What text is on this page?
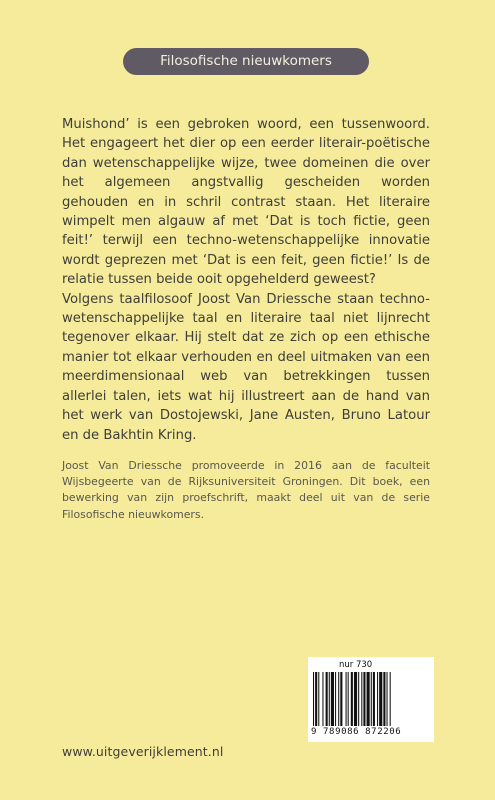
Filosofische nieuwkomers

Muishond’ is een gebroken woord, een tussenwoord. Het engageert het dier op een eerder literair-poëtische dan wetenschappelijke wijze, twee domeinen die over het algemeen angstvallig gescheiden worden gehouden en in schril contrast staan. Het literaire wimpelt men algauw af met ‘Dat is toch fictie, geen feit!’ terwijl een techno-wetenschappelijke innovatie wordt geprezen met ‘Dat is een feit, geen fictie!’ Is de relatie tussen beide ooit opgehelderd geweest?

Volgens taalfilosoof Joost Van Driessche staan techno-wetenschappelijke taal en literaire taal niet lijnrecht tegenover elkaar. Hij stelt dat ze zich op een ethische manier tot elkaar verhouden en deel uitmaken van een meerdimensionaal web van betrekkingen tussen allerlei talen, iets wat hij illustreert aan de hand van het werk van Dostojewski, Jane Austen, Bruno Latour en de Bakhtin Kring.

Joost Van Driessche promoveerde in 2016 aan de faculteit Wijsbegeerte van de Rijksuniversiteit Groningen. Dit boek, een bewerking van zijn proefschrift, maakt deel uit van de serie Filosofische nieuwkomers.
nur 730
9 789086 872206
www.uitgeverijklement.nl
